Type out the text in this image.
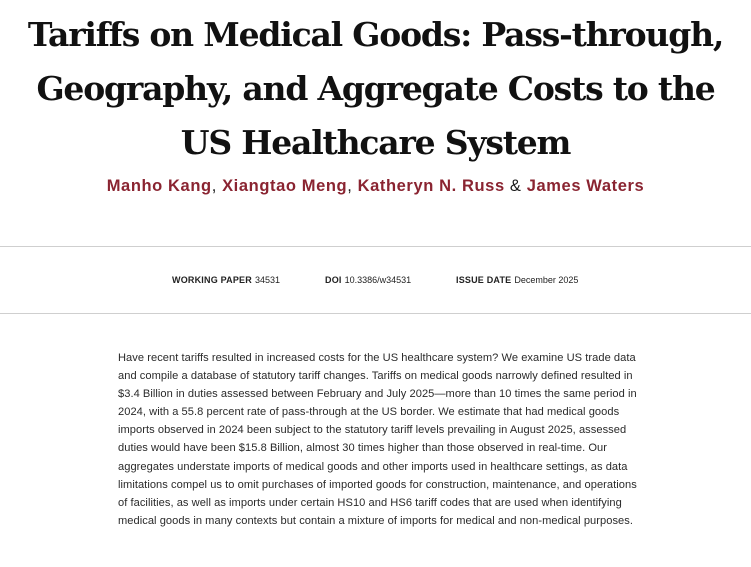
Tariffs on Medical Goods: Pass-through, Geography, and Aggregate Costs to the US Healthcare System
Manho Kang, Xiangtao Meng, Katheryn N. Russ & James Waters
WORKING PAPER 34531	DOI 10.3386/w34531	ISSUE DATE December 2025

Have recent tariffs resulted in increased costs for the US healthcare system? We examine US trade data and compile a database of statutory tariff changes. Tariffs on medical goods narrowly defined resulted in $3.4 Billion in duties assessed between February and July 2025—more than 10 times the same period in 2024, with a 55.8 percent rate of pass-through at the US border. We estimate that had medical goods imports observed in 2024 been subject to the statutory tariff levels prevailing in August 2025, assessed duties would have been $15.8 Billion, almost 30 times higher than those observed in real-time. Our aggregates understate imports of medical goods and other imports used in healthcare settings, as data limitations compel us to omit purchases of imported goods for construction, maintenance, and operations of facilities, as well as imports under certain HS10 and HS6 tariff codes that are used when identifying medical goods in many contexts but contain a mixture of imports for medical and non-medical purposes.
